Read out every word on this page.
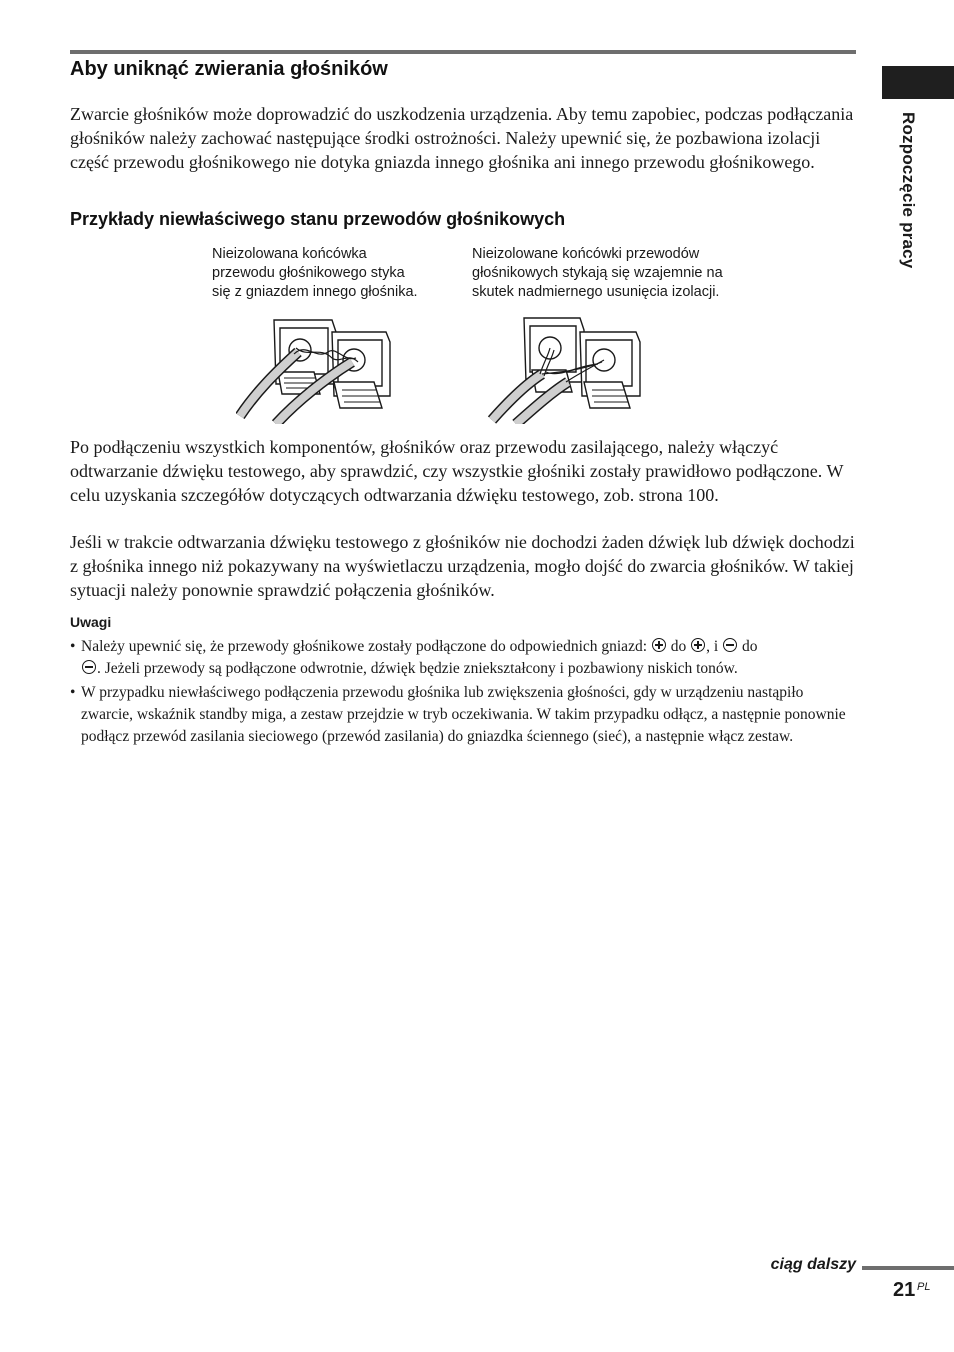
Rozpoczęcie pracy
Aby uniknąć zwierania głośników

Zwarcie głośników może doprowadzić do uszkodzenia urządzenia. Aby temu zapobiec, podczas podłączania głośników należy zachować następujące środki ostrożności. Należy upewnić się, że pozbawiona izolacji część przewodu głośnikowego nie dotyka gniazda innego głośnika ani innego przewodu głośnikowego.

Przykłady niewłaściwego stanu przewodów głośnikowych

Nieizolowana końcówka
przewodu głośnikowego styka
się z gniazdem innego głośnika.

Nieizolowane końcówki przewodów
głośnikowych stykają się wzajemnie na
skutek nadmiernego usunięcia izolacji.

Po podłączeniu wszystkich komponentów, głośników oraz przewodu zasilającego, należy włączyć odtwarzanie dźwięku testowego, aby sprawdzić, czy wszystkie głośniki zostały prawidłowo podłączone. W celu uzyskania szczegółów dotyczących odtwarzania dźwięku testowego, zob. strona 100.

Jeśli w trakcie odtwarzania dźwięku testowego z głośników nie dochodzi żaden dźwięk lub dźwięk dochodzi z głośnika innego niż pokazywany na wyświetlaczu urządzenia, mogło dojść do zwarcia głośników. W takiej sytuacji należy ponownie sprawdzić połączenia głośników.

Uwagi

• Należy upewnić się, że przewody głośnikowe zostały podłączone do odpowiednich gniazd:  do , i  do
. Jeżeli przewody są podłączone odwrotnie, dźwięk będzie zniekształcony i pozbawiony niskich tonów.
• W przypadku niewłaściwego podłączenia przewodu głośnika lub zwiększenia głośności, gdy w urządzeniu nastąpiło zwarcie, wskaźnik standby miga, a zestaw przejdzie w tryb oczekiwania. W takim przypadku odłącz, a następnie ponownie podłącz przewód zasilania sieciowego (przewód zasilania) do gniazdka ściennego (sieć), a następnie włącz zestaw.

ciąg dalszy

21 PL
